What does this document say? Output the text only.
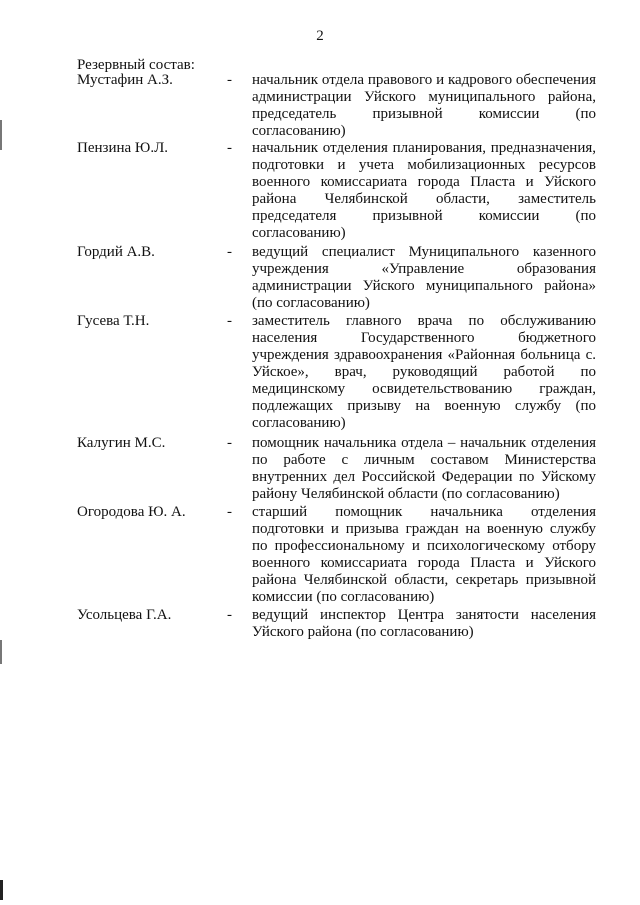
2
Резервный состав:
Мустафин А.З.	- начальник отдела правового и кадрового обеспечения администрации Уйского муниципального района, председатель призывной комиссии (по согласованию)
Пензина Ю.Л.	- начальник отделения планирования, предназначения, подготовки и учета мобилизационных ресурсов военного комиссариата города Пласта и Уйского района Челябинской области, заместитель председателя призывной комиссии (по согласованию)
Гордий А.В.	- ведущий специалист Муниципального казенного учреждения «Управление образования администрации Уйского муниципального района» (по согласованию)
Гусева Т.Н.	- заместитель главного врача по обслуживанию населения Государственного бюджетного учреждения здравоохранения «Районная больница с. Уйское», врач, руководящий работой по медицинскому освидетельствованию граждан, подлежащих призыву на военную службу (по согласованию)
Калугин М.С.	- помощник начальника отдела – начальник отделения по работе с личным составом Министерства внутренних дел Российской Федерации по Уйскому району Челябинской области (по согласованию)
Огородова Ю. А.	- старший помощник начальника отделения подготовки и призыва граждан на военную службу по профессиональному и психологическому отбору военного комиссариата города Пласта и Уйского района Челябинской области, секретарь призывной комиссии (по согласованию)
Усольцева Г.А.	- ведущий инспектор Центра занятости населения Уйского района (по согласованию)
